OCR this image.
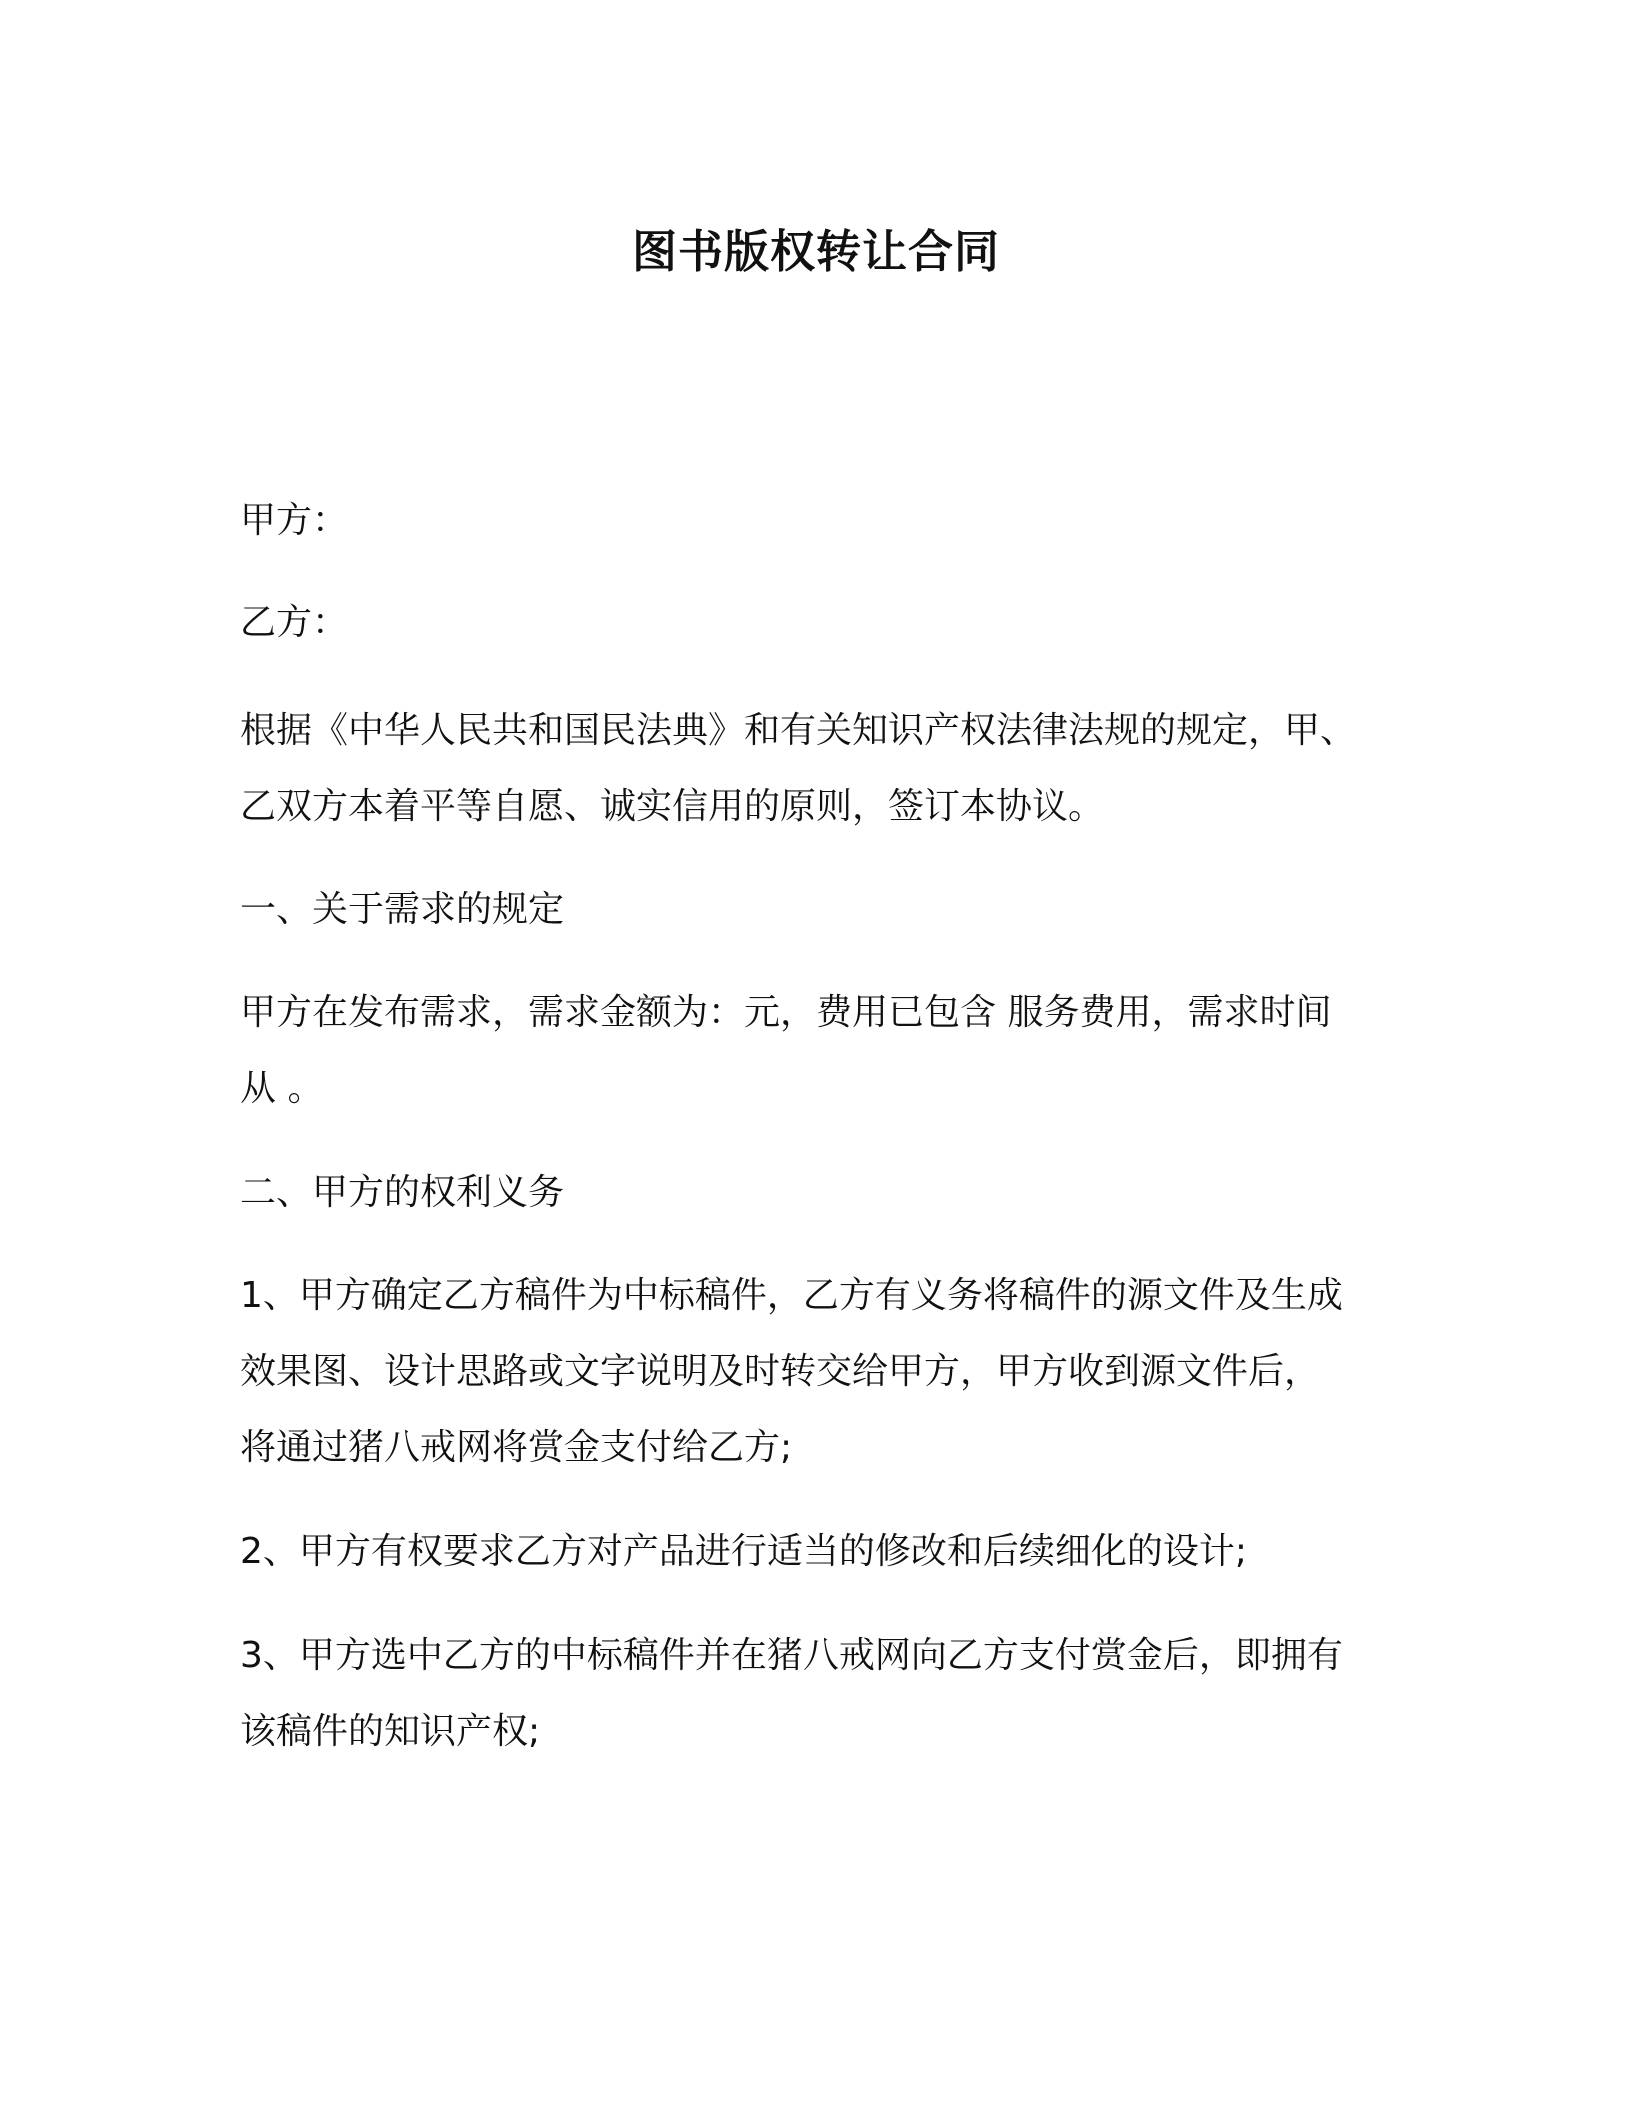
图书版权转让合同
甲方：
乙方：
根据《中华人民共和国民法典》和有关知识产权法律法规的规定，甲、
乙双方本着平等自愿、诚实信用的原则，签订本协议。
一、关于需求的规定
甲方在发布需求，需求金额为：元，费用已包含 服务费用，需求时间
从 。
二、甲方的权利义务
1、甲方确定乙方稿件为中标稿件，乙方有义务将稿件的源文件及生成
效果图、设计思路或文字说明及时转交给甲方，甲方收到源文件后，
将通过猪八戒网将赏金支付给乙方;
2、甲方有权要求乙方对产品进行适当的修改和后续细化的设计;
3、甲方选中乙方的中标稿件并在猪八戒网向乙方支付赏金后，即拥有
该稿件的知识产权;
